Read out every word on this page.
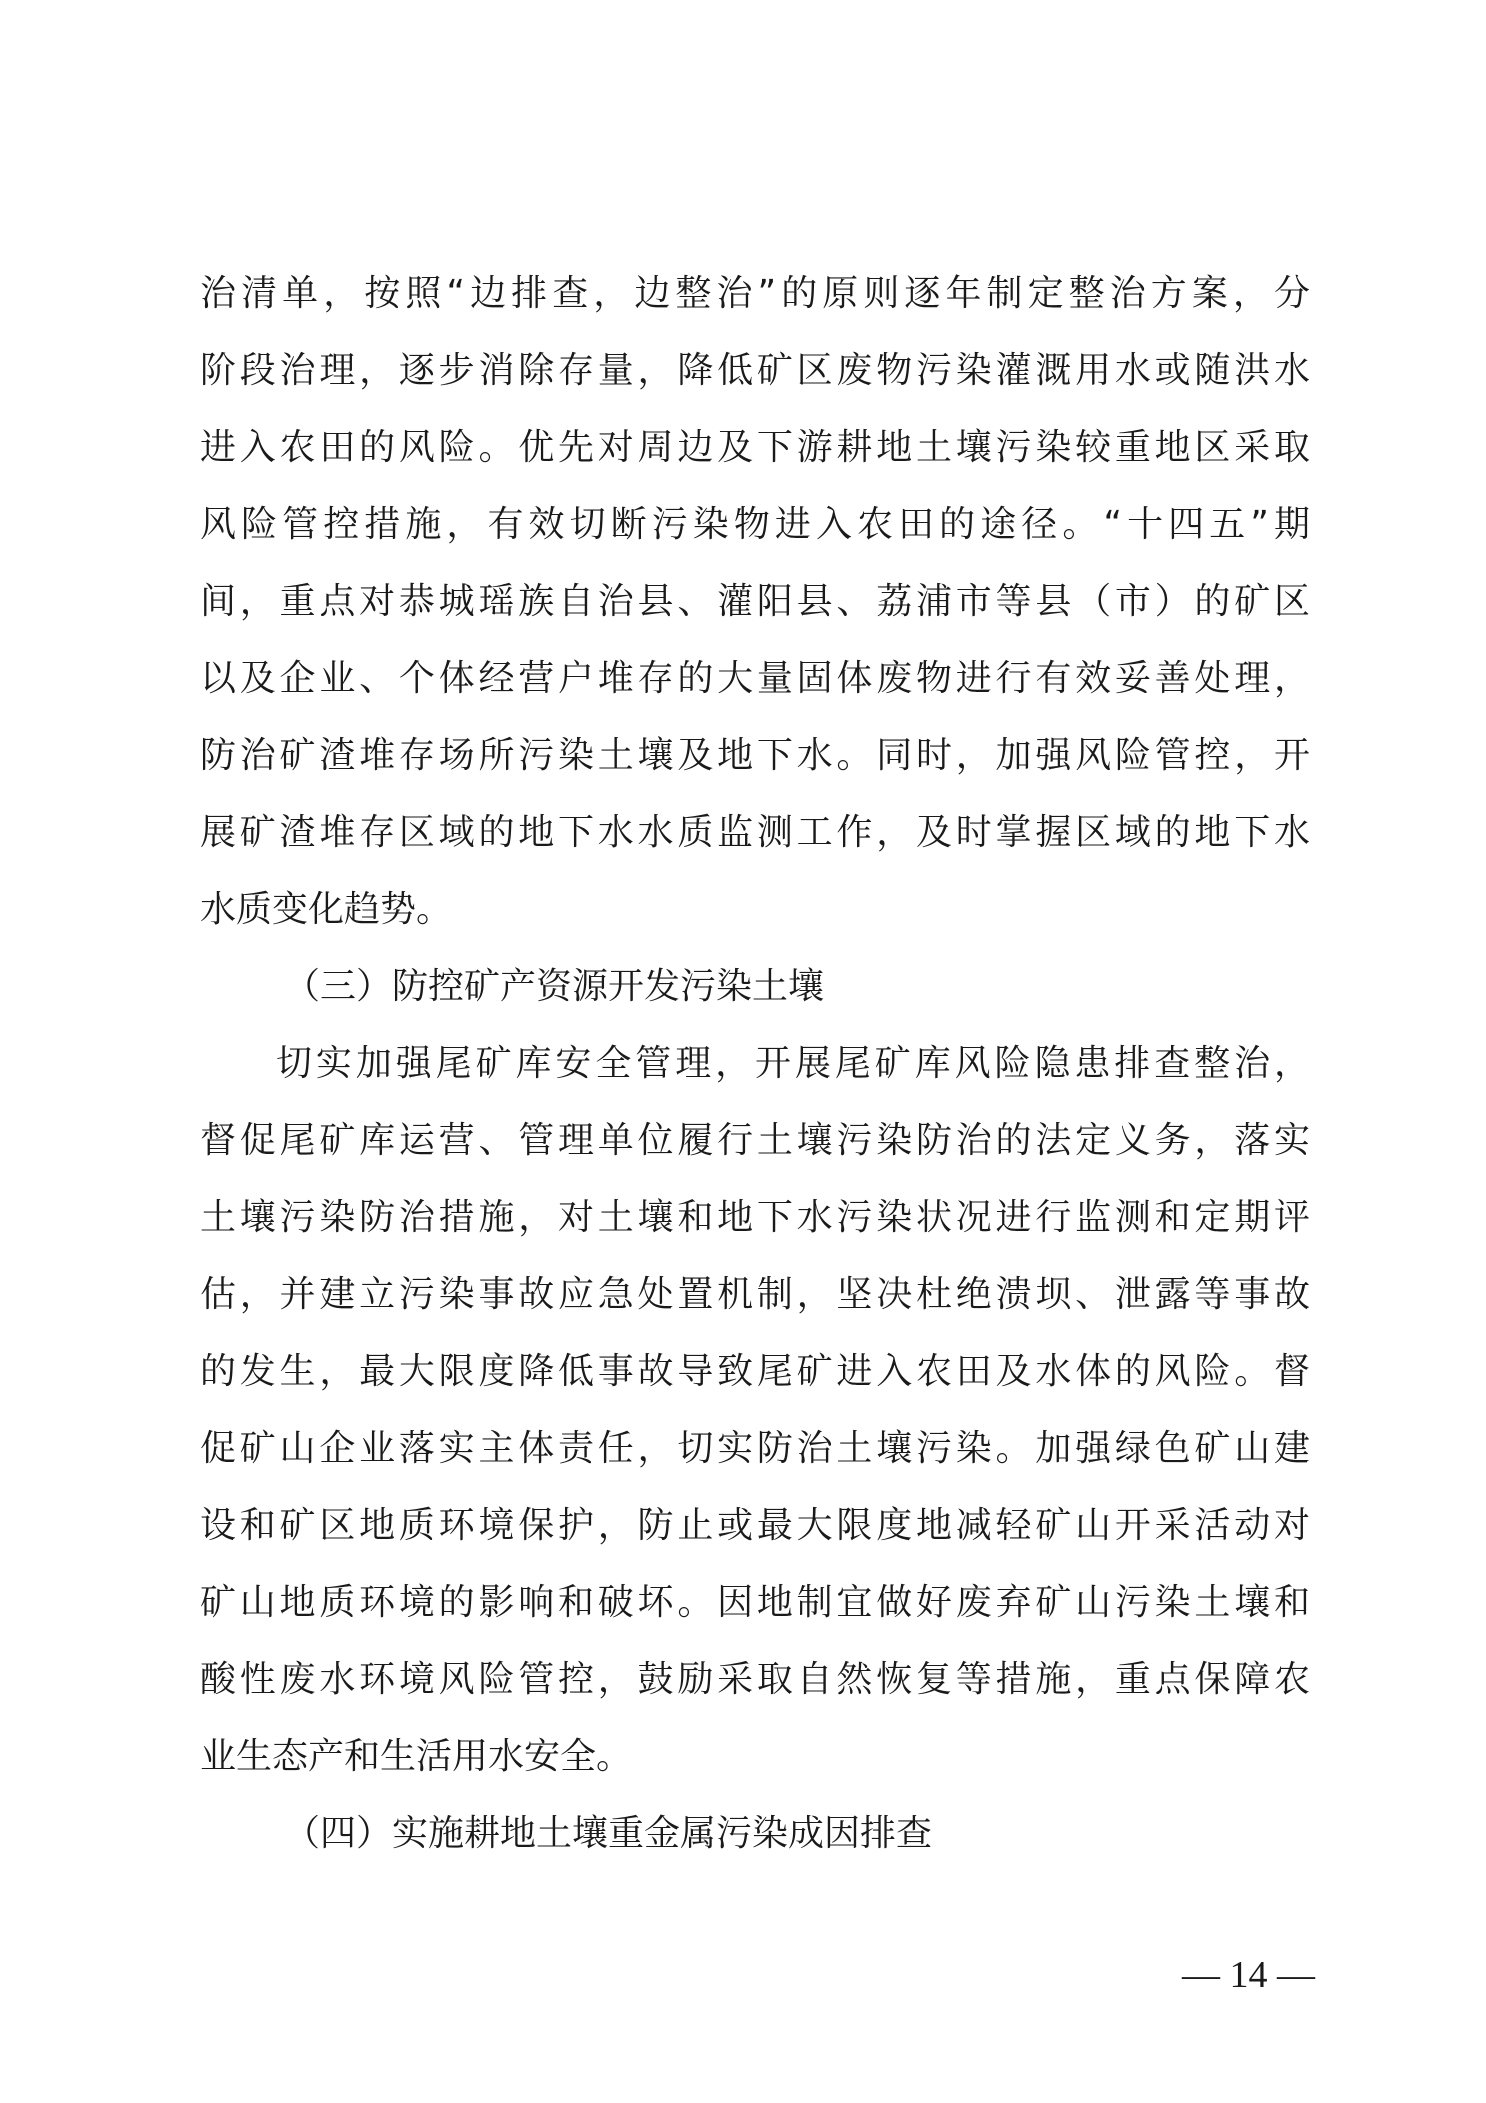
治清单，按照“边排查，边整治”的原则逐年制定整治方案，分
阶段治理，逐步消除存量，降低矿区废物污染灌溉用水或随洪水
进入农田的风险。优先对周边及下游耕地土壤污染较重地区采取
风险管控措施，有效切断污染物进入农田的途径。“十四五”期
间，重点对恭城瑶族自治县、灌阳县、荔浦市等县（市）的矿区
以及企业、个体经营户堆存的大量固体废物进行有效妥善处理，
防治矿渣堆存场所污染土壤及地下水。同时，加强风险管控，开
展矿渣堆存区域的地下水水质监测工作，及时掌握区域的地下水
水质变化趋势。
（三）防控矿产资源开发污染土壤
切实加强尾矿库安全管理，开展尾矿库风险隐患排查整治，
督促尾矿库运营、管理单位履行土壤污染防治的法定义务，落实
土壤污染防治措施，对土壤和地下水污染状况进行监测和定期评
估，并建立污染事故应急处置机制，坚决杜绝溃坝、泄露等事故
的发生，最大限度降低事故导致尾矿进入农田及水体的风险。督
促矿山企业落实主体责任，切实防治土壤污染。加强绿色矿山建
设和矿区地质环境保护，防止或最大限度地减轻矿山开采活动对
矿山地质环境的影响和破坏。因地制宜做好废弃矿山污染土壤和
酸性废水环境风险管控，鼓励采取自然恢复等措施，重点保障农
业生态产和生活用水安全。
（四）实施耕地土壤重金属污染成因排查
— 14 —
